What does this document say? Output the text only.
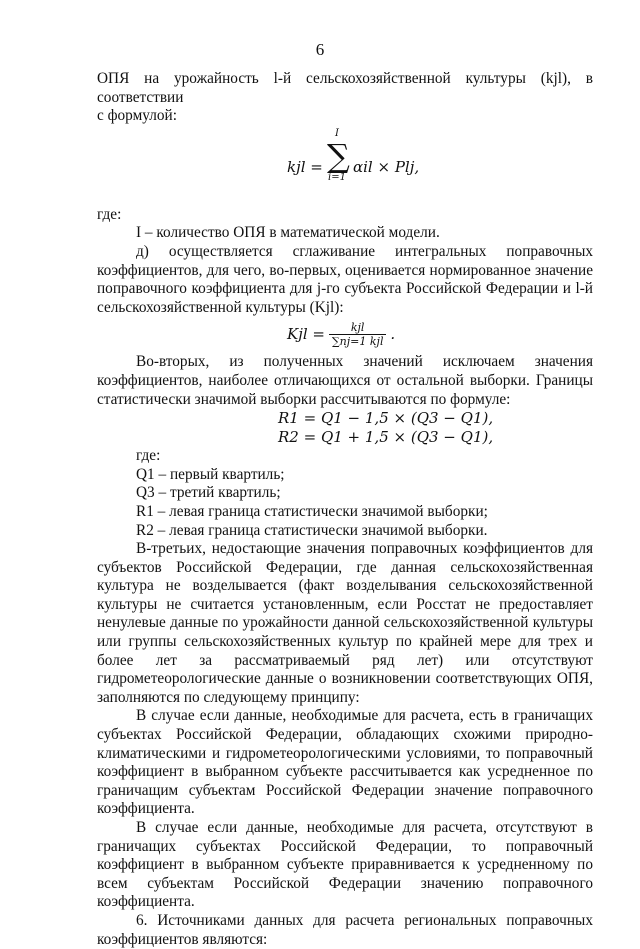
6

ОПЯ на урожайность l-й сельскохозяйственной культуры (kjl), в соответствии

с формулой:

kjl =
I
∑
i=1
αil × Plj,

где:

I – количество ОПЯ в математической модели.

д) осуществляется сглаживание интегральных поправочных коэффициентов, для чего, во-первых, оценивается нормированное значение поправочного коэффициента для j-го субъекта Российской Федерации и l-й сельскохозяйственной культуры (Kjl):

Kjl = $\frac{\text{kjl}}{\text{∑nj=1 kjl}}$ .

Во-вторых, из полученных значений исключаем значения коэффициентов, наиболее отличающихся от остальной выборки. Границы статистически значимой выборки рассчитываются по формуле:

R1 = Q1 − 1,5 × (Q3 − Q1),
R2 = Q1 + 1,5 × (Q3 − Q1),

где:

Q1 – первый квартиль;

Q3 – третий квартиль;

R1 – левая граница статистически значимой выборки;

R2 – левая граница статистически значимой выборки.

В-третьих, недостающие значения поправочных коэффициентов для субъектов Российской Федерации, где данная сельскохозяйственная культура не возделывается (факт возделывания сельскохозяйственной культуры не считается установленным, если Росстат не предоставляет ненулевые данные по урожайности данной сельскохозяйственной культуры или группы сельскохозяйственных культур по крайней мере для трех и более лет за рассматриваемый ряд лет) или отсутствуют гидрометеорологические данные о возникновении соответствующих ОПЯ, заполняются по следующему принципу:

В случае если данные, необходимые для расчета, есть в граничащих субъектах Российской Федерации, обладающих схожими природно-климатическими и гидрометеорологическими условиями, то поправочный коэффициент в выбранном субъекте рассчитывается как усредненное по граничащим субъектам Российской Федерации значение поправочного коэффициента.

В случае если данные, необходимые для расчета, отсутствуют в граничащих субъектах Российской Федерации, то поправочный коэффициент в выбранном субъекте приравнивается к усредненному по всем субъектам Российской Федерации значению поправочного коэффициента.

6. Источниками данных для расчета региональных поправочных коэффициентов являются:
